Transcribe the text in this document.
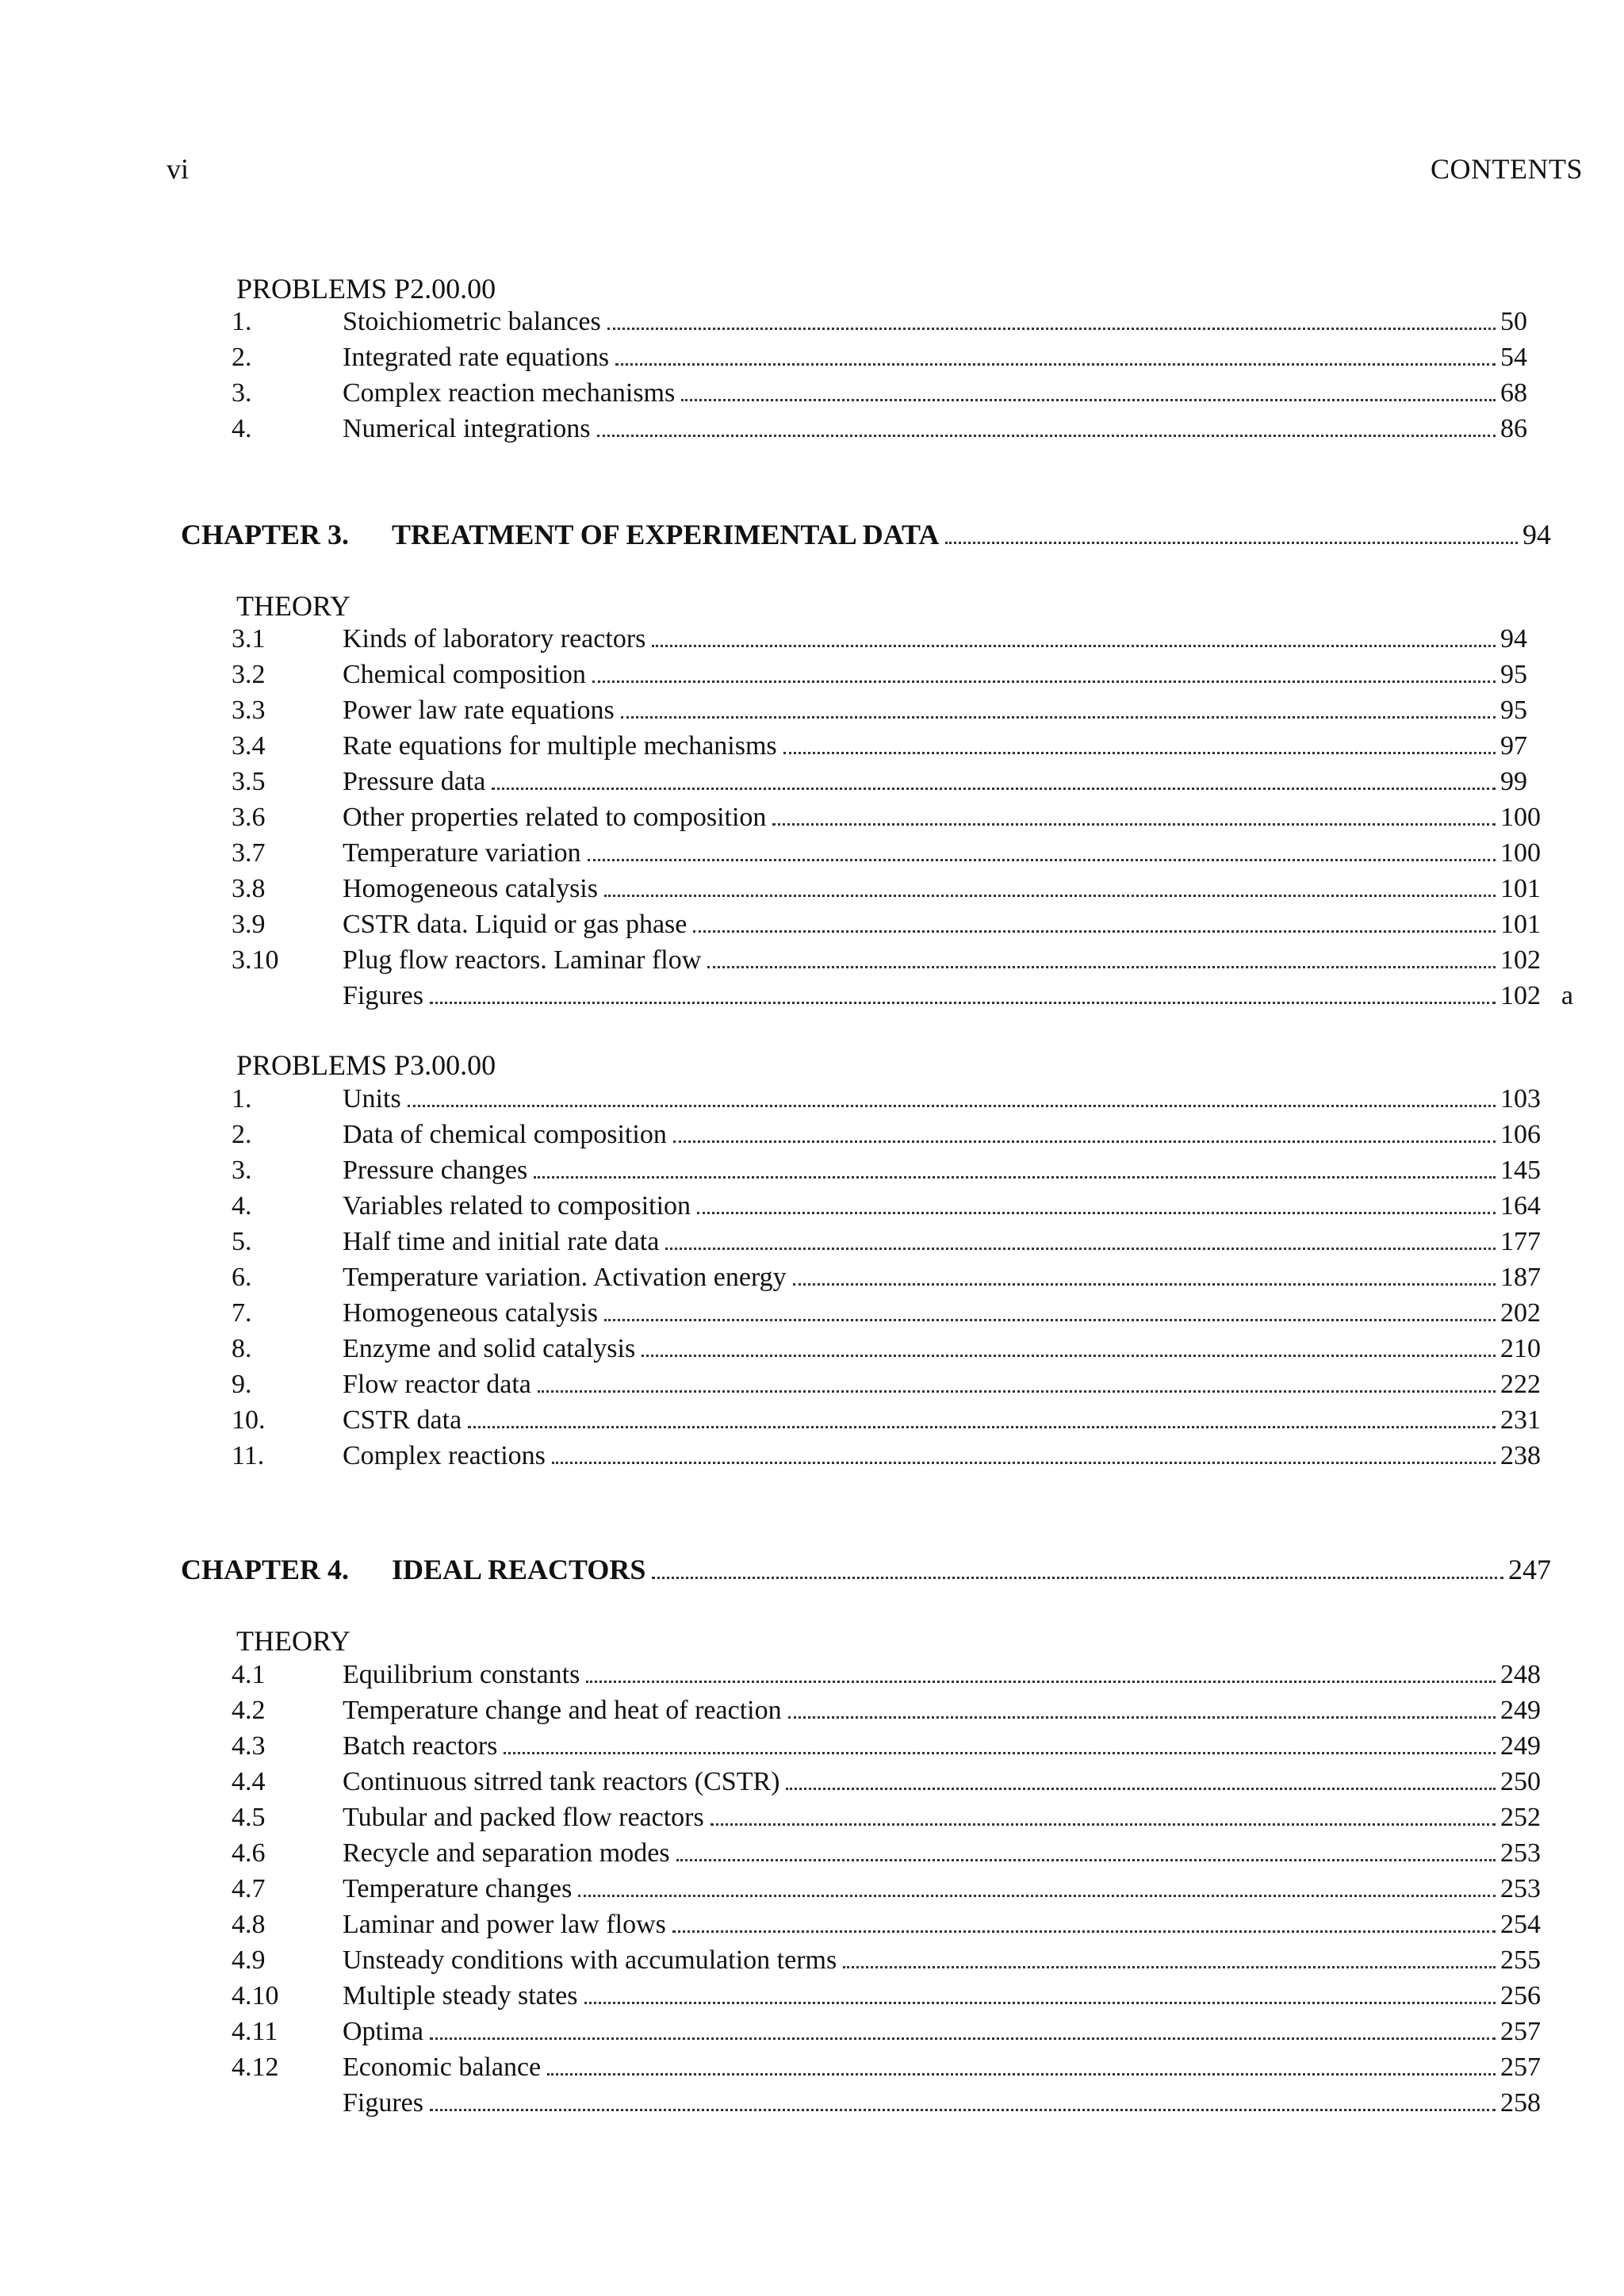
vi	CONTENTS
PROBLEMS P2.00.00
1.	Stoichiometric balances	50
2.	Integrated rate equations	54
3.	Complex reaction mechanisms	68
4.	Numerical integrations	86
CHAPTER 3.	TREATMENT OF EXPERIMENTAL DATA	94
THEORY
3.1	Kinds of laboratory reactors	94
3.2	Chemical composition	95
3.3	Power law rate equations	95
3.4	Rate equations for multiple mechanisms	97
3.5	Pressure data	99
3.6	Other properties related to composition	100
3.7	Temperature variation	100
3.8	Homogeneous catalysis	101
3.9	CSTR data. Liquid or gas phase	101
3.10	Plug flow reactors. Laminar flow	102
Figures	102 a
PROBLEMS P3.00.00
1.	Units	103
2.	Data of chemical composition	106
3.	Pressure changes	145
4.	Variables related to composition	164
5.	Half time and initial rate data	177
6.	Temperature variation. Activation energy	187
7.	Homogeneous catalysis	202
8.	Enzyme and solid catalysis	210
9.	Flow reactor data	222
10.	CSTR data	231
11.	Complex reactions	238
CHAPTER 4.	IDEAL REACTORS	247
THEORY
4.1	Equilibrium constants	248
4.2	Temperature change and heat of reaction	249
4.3	Batch reactors	249
4.4	Continuous sitrred tank reactors (CSTR)	250
4.5	Tubular and packed flow reactors	252
4.6	Recycle and separation modes	253
4.7	Temperature changes	253
4.8	Laminar and power law flows	254
4.9	Unsteady conditions with accumulation terms	255
4.10	Multiple steady states	256
4.11	Optima	257
4.12	Economic balance	257
Figures	258
